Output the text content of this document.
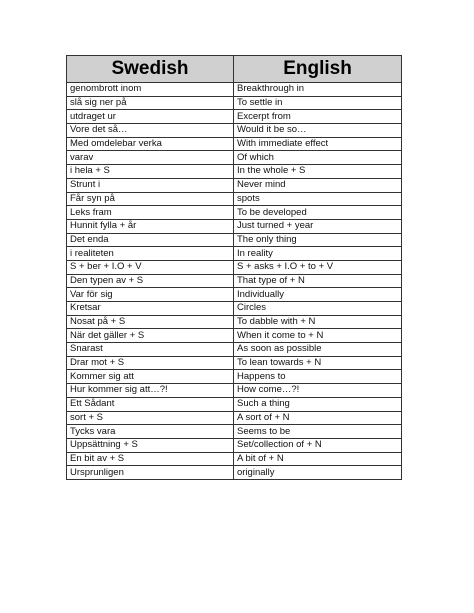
Swedish	English
genombrott inom	Breakthrough in
slå sig ner på	To settle in
utdraget ur	Excerpt from
Vore det så…	Would it be so…
Med omdelebar verka	With immediate effect
varav	Of which
i hela + S	In the whole + S
Strunt i	Never mind
Får syn på	spots
Leks fram	To be developed
Hunnit fylla + år	Just turned + year
Det enda	The only thing
i realiteten	In reality
S + ber + I.O + V	S + asks + I.O + to + V
Den typen av + S	That type of + N
Var för sig	Individually
Kretsar	Circles
Nosat på + S	To dabble with + N
När det gäller + S	When it come to + N
Snarast	As soon as possible
Drar mot + S	To lean towards + N
Kommer sig att	Happens to
Hur kommer sig att…?!	How come…?!
Ett Sådant	Such a thing
sort + S	A sort of + N
Tycks vara	Seems to be
Uppsättning + S	Set/collection of + N
En bit av + S	A bit of + N
Ursprunligen	originally
